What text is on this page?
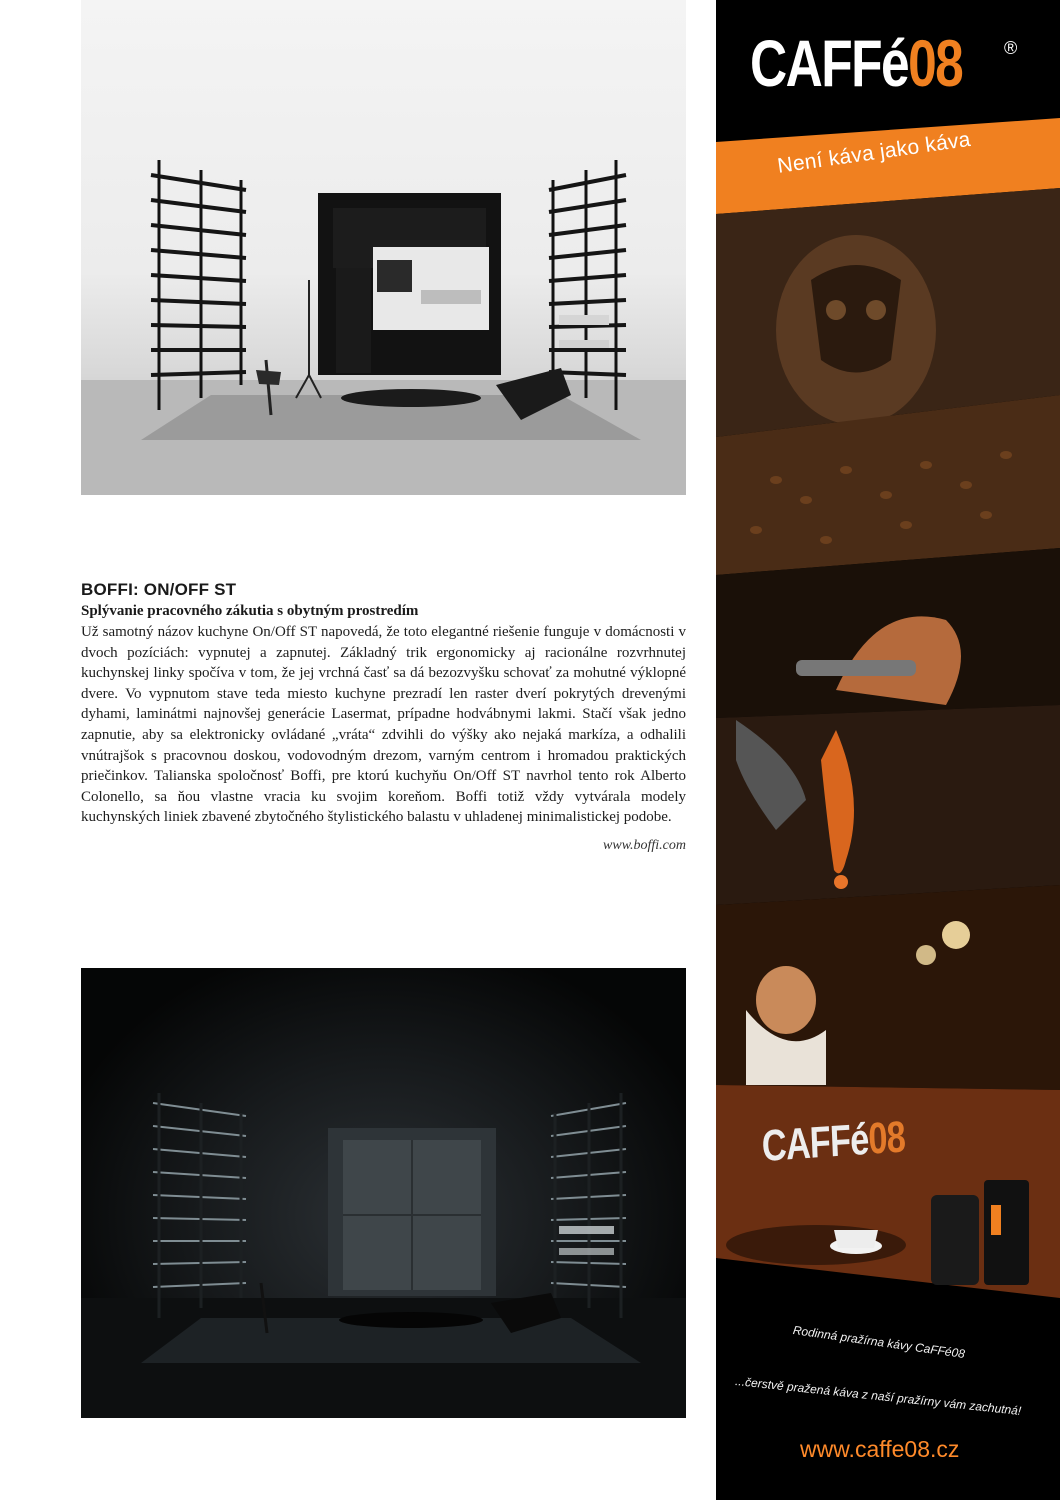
BOFFI: ON/OFF ST
Splývanie pracovného zákutia s obytným prostredím

Už samotný názov kuchyne On/Off ST napovedá, že toto elegantné riešenie funguje v domácnosti v dvoch pozíciách: vypnutej a zapnutej. Základný trik ergonomicky aj racionálne rozvrhnutej kuchynskej linky spočíva v tom, že jej vrchná časť sa dá bezozvyšku schovať za mohutné výklopné dvere. Vo vypnutom stave teda miesto kuchyne prezradí len raster dverí pokrytých drevenými dyhami, laminátmi najnovšej generácie Lasermat, prípadne hodvábnymi lakmi. Stačí však jedno zapnutie, aby sa elektronicky ovládané „vráta“ zdvihli do výšky ako nejaká markíza, a odhalili vnútrajšok s pracovnou doskou, vodovodným drezom, varným centrom i hromadou praktických priečinkov. Talianska spoločnosť Boffi, pre ktorú kuchyňu On/Off ST navrhol tento rok Alberto Colonello, sa ňou vlastne vracia ku svojim koreňom. Boffi totiž vždy vytvárala modely kuchynských liniek zbavené zbytočného štylistického balastu v uhladenej minimalistickej podobe.

www.boffi.com
CAFFé08 ®
Není káva jako káva
CAFFé08
Rodinná pražírna kávy CaFFé08
...čerstvě pražená káva z naší pražírny vám zachutná!
www.caffe08.cz
